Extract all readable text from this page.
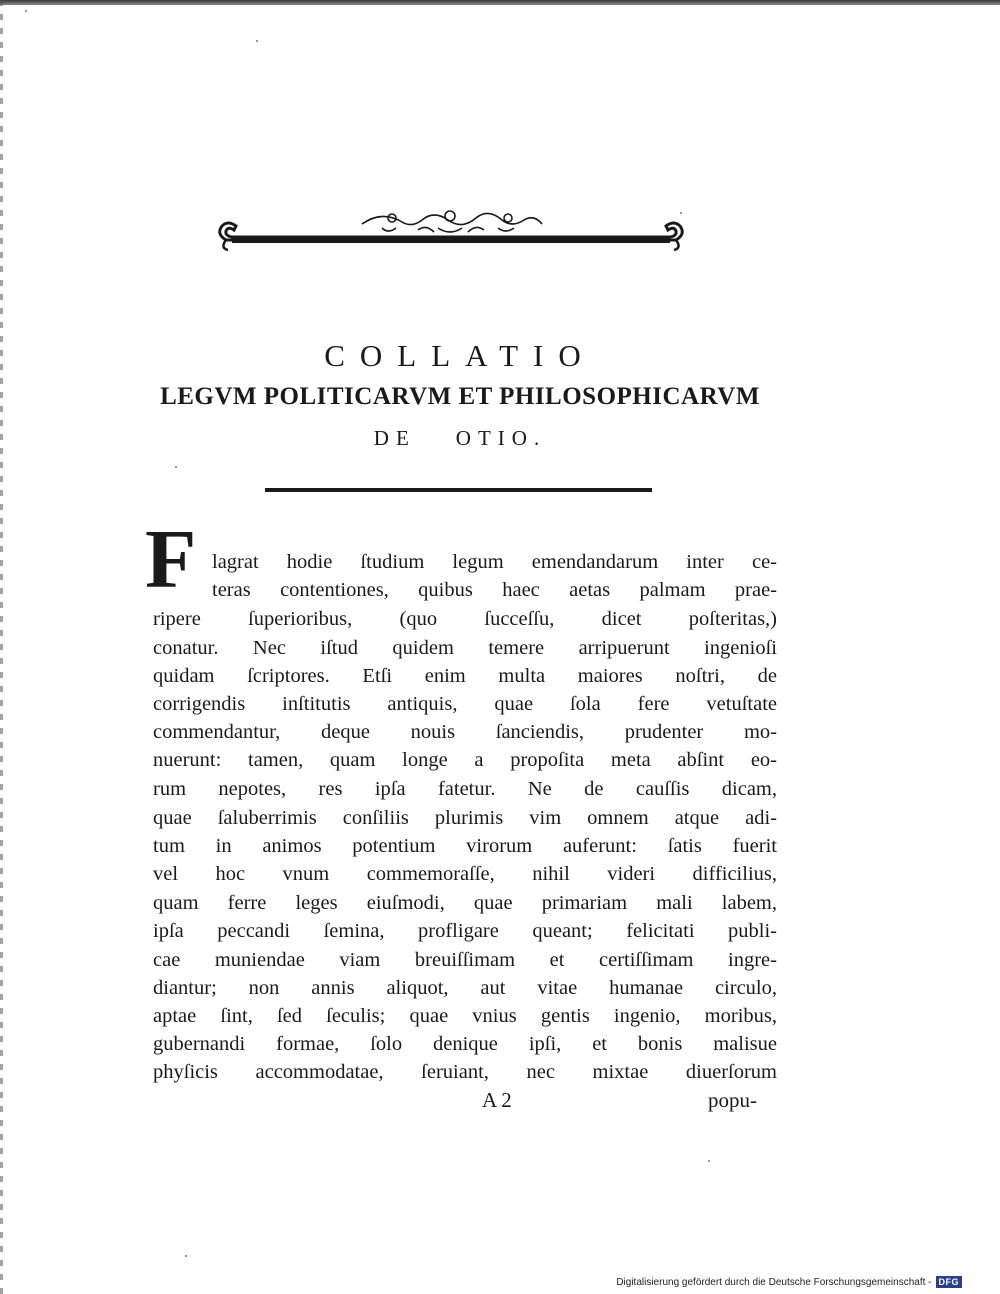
COLLATIO
LEGVM POLITICARVM ET PHILOSOPHICARVM
DE OTIO.
F lagrat hodie ſtudium legum emendandarum inter ce-

teras contentiones, quibus haec aetas palmam prae-

ripere ſuperioribus, (quo ſucceſſu, dicet poſteritas,)

conatur. Nec iſtud quidem temere arripuerunt ingenioſi

quidam ſcriptores. Etſi enim multa maiores noſtri, de

corrigendis inſtitutis antiquis, quae ſola fere vetuſtate

commendantur, deque nouis ſanciendis, prudenter mo-

nuerunt: tamen, quam longe a propoſita meta abſint eo-

rum nepotes, res ipſa fatetur. Ne de cauſſis dicam,

quae ſaluberrimis conſiliis plurimis vim omnem atque adi-

tum in animos potentium virorum auferunt: ſatis fuerit

vel hoc vnum commemoraſſe, nihil videri difficilius,

quam ferre leges eiuſmodi, quae primariam mali labem,

ipſa peccandi ſemina, profligare queant; felicitati publi-

cae muniendae viam breuiſſimam et certiſſimam ingre-

diantur; non annis aliquot, aut vitae humanae circulo,

aptae ſint, ſed ſeculis; quae vnius gentis ingenio, moribus,

gubernandi formae, ſolo denique ipſi, et bonis malisue

phyſicis accommodatae, ſeruiant, nec mixtae diuerſorum

A 2	popu-
Digitalisierung gefördert durch die Deutsche Forschungsgemeinschaft - DFG
